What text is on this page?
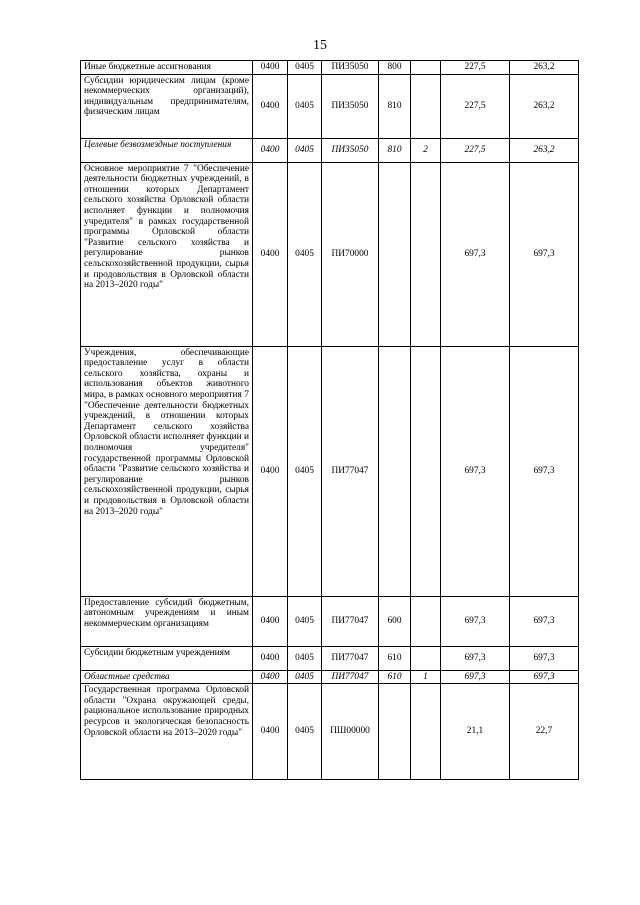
15
Иные бюджетные ассигнования	0400	0405	ПИ35050	800		227,5	263,2
Субсидии юридическим лицам (кроме некоммерческих организаций), индивидуальным предпринимателям, физическим лицам	0400	0405	ПИ35050	810		227,5	263,2
Целевые безвозмездные поступления	0400	0405	ПИ35050	810	2	227,5	263,2
Основное мероприятие 7 "Обеспечение деятельности бюджетных учреждений, в отношении которых Департамент сельского хозяйства Орловской области исполняет функции и полномочия учредителя" в рамках государственной программы Орловской области "Развитие сельского хозяйства и регулирование рынков сельскохозяйственной продукции, сырья и продовольствия в Орловской области на 2013–2020 годы"	0400	0405	ПИ70000			697,3	697,3
Учреждения, обеспечивающие предоставление услуг в области сельского хозяйства, охраны и использования объектов животного мира, в рамках основного мероприятия 7 "Обеспечение деятельности бюджетных учреждений, в отношении которых Департамент сельского хозяйства Орловской области исполняет функции и полномочия учредителя" государственной программы Орловской области "Развитие сельского хозяйства и регулирование рынков сельскохозяйственной продукции, сырья и продовольствия в Орловской области на 2013–2020 годы"	0400	0405	ПИ77047			697,3	697,3
Предоставление субсидий бюджетным, автономным учреждениям и иным некоммерческим организациям	0400	0405	ПИ77047	600		697,3	697,3
Субсидии бюджетным учреждениям	0400	0405	ПИ77047	610		697,3	697,3
Областные средства	0400	0405	ПИ77047	610	1	697,3	697,3
Государственная программа Орловской области "Охрана окружающей среды, рациональное использование природных ресурсов и экологическая безопасность Орловской области на 2013–2020 годы"	0400	0405	ПШ00000			21,1	22,7
